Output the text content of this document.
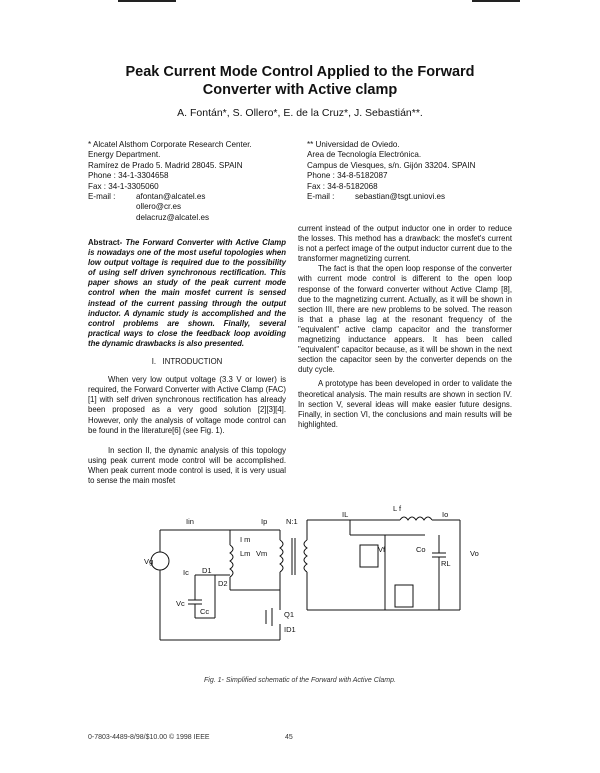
Peak Current Mode Control Applied to the Forward
Converter with Active clamp
A. Fontán*, S. Ollero*, E. de la Cruz*, J. Sebastián**.
* Alcatel Alsthom Corporate Research Center.
Energy Department.
Ramírez de Prado 5. Madrid 28045. SPAIN
Phone : 34-1-3304658
Fax : 34-1-3305060
E-mail :	afontan@alcatel.es
ollero@cr.es
delacruz@alcatel.es
** Universidad de Oviedo.
Area de Tecnología Electrónica.
Campus de Viesques, s/n. Gijón 33204. SPAIN
Phone : 34-8-5182087
Fax : 34-8-5182068
E-mail :	sebastian@tsgt.uniovi.es

Abstract- The Forward Converter with Active Clamp is nowadays one of the most useful topologies when low output voltage is required due to the possibility of using self driven synchronous rectification. This paper shows an study of the peak current mode control when the main mosfet current is sensed instead of the current passing through the output inductor. A dynamic study is accomplished and the control problems are shown. Finally, several practical ways to close the feedback loop avoiding the dynamic drawbacks is also presented.

I. INTRODUCTION

When very low output voltage (3.3 V or lower) is required, the Forward Converter with Active Clamp (FAC) [1] with self driven synchronous rectification has already been proposed as a very good solution [2][3][4]. However, only the analysis of voltage mode control can be found in the literature[6] (see Fig. 1).

In section II, the dynamic analysis of this topology using peak current mode control will be accomplished. When peak current mode control is used, it is very usual to sense the main mosfet

current instead of the output inductor one in order to reduce the losses. This method has a drawback: the mosfet's current is not a perfect image of the output inductor current due to the transformer magnetizing current.

The fact is that the open loop response of the converter with current mode control is different to the open loop response of the forward converter without Active Clamp [8], due to the magnetizing current. Actually, as it will be shown in section III, there are new problems to be solved. The reason is that a phase lag at the resonant frequency of the "equivalent" active clamp capacitor and the transformer magnetizing inductance appears. It has been called "equivalent" capacitor because, as it will be shown in the next section the capacitor seen by the converter depends on the duty cycle.

A prototype has been developed in order to validate the theoretical analysis. The main results are shown in section IV. In section V, several ideas will make easier future designs. Finally, in section VI, the conclusions and main results will be highlighted.

Iin	Ip N:1
IL
L f
Io
I m
Lm Vm	Vf	Co
RL
Vo
Vg
Ic D1
D2
Vc
Cc	Q1
ID1
Fig. 1- Simplified schematic of the Forward with Active Clamp.
0-7803-4489-8/98/$10.00 © 1998 IEEE	45
